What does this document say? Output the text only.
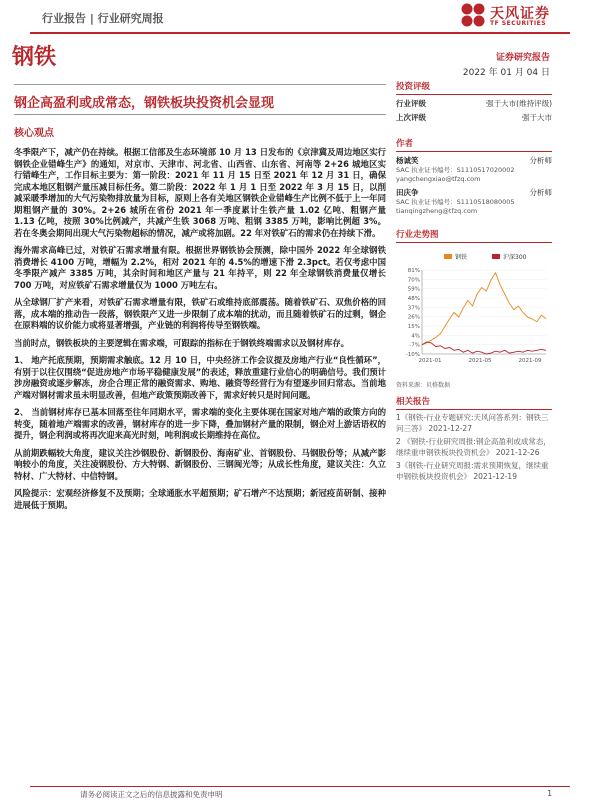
行业报告 | 行业研究周报	天风证券
TF SECURITIES
钢铁	证券研究报告
2022 年 01 月 04 日
钢企高盈利或成常态，钢铁板块投资机会显现
核心观点

冬季限产下，减产仍在持续。根据工信部及生态环境部 10 月 13 日发布的《京津冀及周边地区实行钢铁企业错峰生产》的通知，对京市、天津市、河北省、山西省、山东省、河南等 2+26 城地区实行错峰生产，工作目标主要为：第一阶段：2021 年 11 月 15 日至 2021 年 12 月 31 日，确保完成本地区粗钢产量压减目标任务。第二阶段：2022 年 1 月 1 日至 2022 年 3 月 15 日，以削减采暖季增加的大气污染物排放量为目标，原则上各有关地区钢铁企业错峰生产比例不低于上一年同期粗钢产量的 30%。2+26 城所在省份 2021 年一季度累计生铁产量 1.02 亿吨、粗钢产量 1.13 亿吨，按照 30%比例减产，共减产生铁 3068 万吨、粗钢 3385 万吨，影响比例超 3%。若在冬奥会期间出现大气污染物超标的情况，减产或将加剧。22 年对铁矿石的需求仍在持续下滑。

海外需求高峰已过，对铁矿石需求增量有限。根据世界钢铁协会预测，除中国外 2022 年全球钢铁消费增长 4100 万吨，增幅为 2.2%，相对 2021 年的 4.5%的增速下滑 2.3pct。若仅考虑中国冬季限产减产 3385 万吨，其余时间和地区产量与 21 年持平，则 22 年全球钢铁消费量仅增长 700 万吨，对应铁矿石需求增量仅为 1000 万吨左右。

从全球钢厂扩产来看，对铁矿石需求增量有限，铁矿石或维持底部震荡。随着铁矿石、双焦价格的回落，成本端的推动告一段落，钢铁限产又进一步限制了成本端的扰动，而且随着铁矿石的过剩，钢企在原料端的议价能力或将显著增强，产业链的利润将传导至钢铁端。

当前时点，钢铁板块的主要逻辑在需求端，可跟踪的指标在于钢铁终端需求以及钢材库存。

1、 地产托底预期，预期需求触底。12 月 10 日，中央经济工作会议提及房地产行业“良性循环”，有别于以往仅围绕“促进房地产市场平稳健康发展”的表述，释放重建行业信心的明确信号。我们预计涉房融资或逐步解冻，房企合理正常的融资需求、购地、融资等经营行为有望逐步回归常态。当前地产端对钢材需求虽未明显改善，但地产政策预期改善下，需求好转只是时间问题。

2、 当前钢材库存已基本回落至往年同期水平，需求端的变化主要体现在国家对地产端的政策方向的转变，随着地产端需求的改善，钢材库存的进一步下降，叠加钢材产量的限制，钢企对上游话语权的提升，钢企利润或将再次迎来高光时刻，吨利润或长期维持在高位。

从前期跌幅较大角度，建议关注沙钢股份、新钢股份、海南矿业、首钢股份、马钢股份等；从减产影响较小的角度，关注凌钢股份、方大特钢、新钢股份、三钢闽光等；从成长性角度，建议关注：久立特材、广大特材、中信特钢。

风险提示：宏观经济修复不及预期；全球通胀水平超预期；矿石增产不达预期；新冠疫苗研制、接种进展低于预期。

投资评级
行业评级	强于大市(维持评级)
上次评级	强于大市
作者
杨诚笑	分析师
SAC 执业证书编号：S1110517020002
yangchengxiao@tfzq.com
田庆争	分析师
SAC 执业证书编号：S1110518080005
tianqingzheng@tfzq.com
行业走势图
钢铁	沪深300
81%
70%
59%
48%
37%
26%
15%
4%
-7%
-10%
2021-01	2021-05	2021-09
资料来源：贝格数据
相关报告
1《钢铁-行业专题研究:天风问答系列：钢铁三问三答》 2021-12-27
2 《钢铁-行业研究周报:钢企高盈利或成常态，继续重申钢铁板块投资机会》 2021-12-26
3《钢铁-行业研究周报:需求预期恢复，继续重申钢铁板块投资机会》 2021-12-19
请务必阅读正文之后的信息披露和免责申明	1
